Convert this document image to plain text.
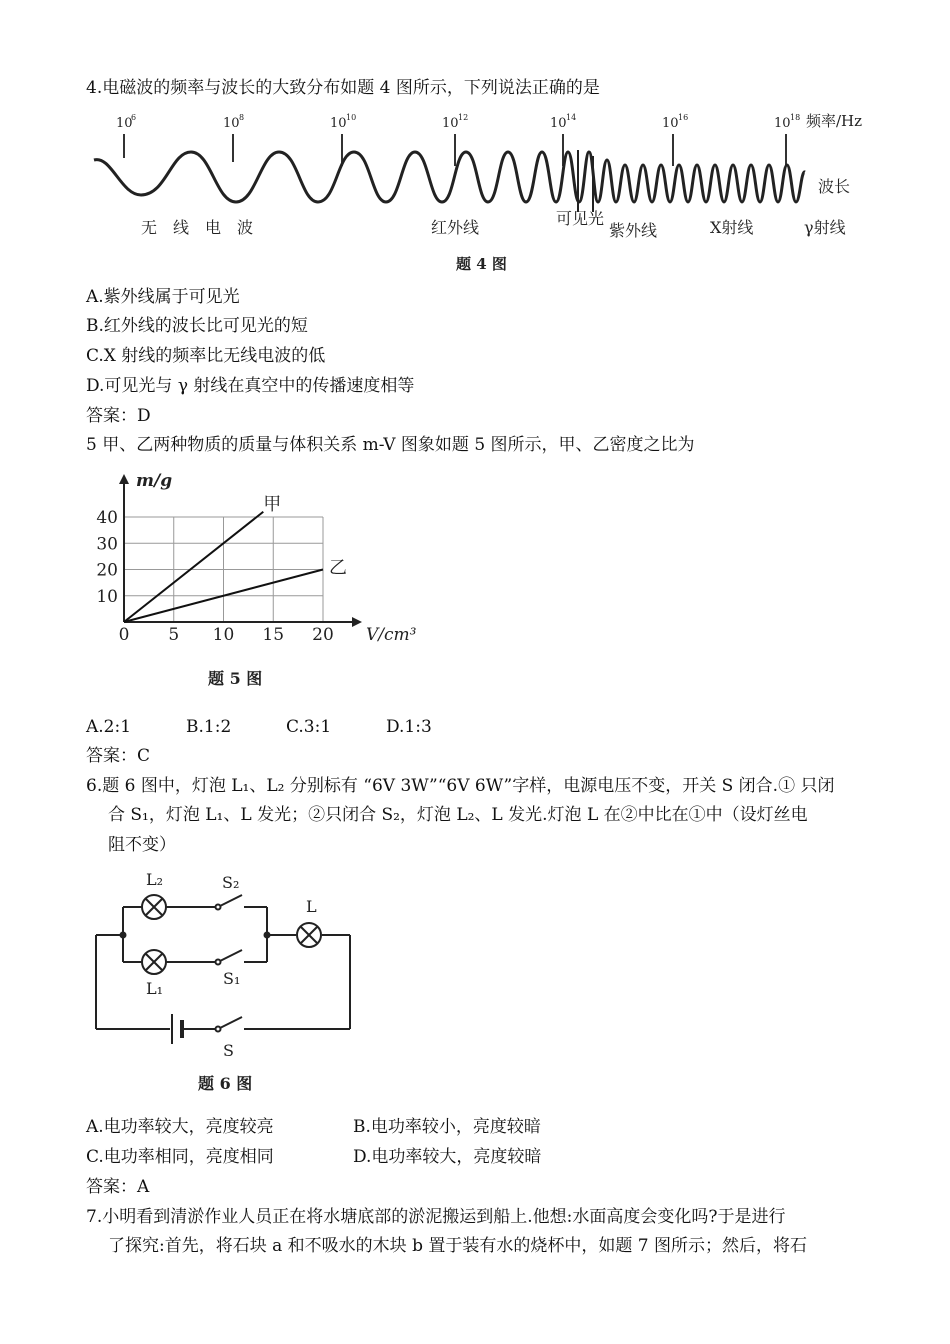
4.电磁波的频率与波长的大致分布如题 4 图所示，下列说法正确的是
10
6	10 8	10 10	10 12	10 14	10 16	10 18 频率/Hz
波长
无　线　电　波	红外线	可见光
紫外线	X射线	γ射线
题 4 图
A.紫外线属于可见光
B.红外线的波长比可见光的短
C.X 射线的频率比无线电波的低
D.可见光与 γ 射线在真空中的传播速度相等
答案：D
5 甲、乙两种物质的质量与体积关系 m-V 图象如题 5 图所示，甲、乙密度之比为
0 5 10 15 20
10
20
30
40
甲
乙
m/g
V/cm³
题 5 图
A.2:1	B.1:2	C.3:1	D.1:3
答案：C
6.题 6 图中，灯泡 L₁、L₂ 分别标有 “6V 3W”“6V 6W”字样，电源电压不变，开关 S 闭合.① 只闭
合 S₁，灯泡 L₁、L 发光；②只闭合 S₂，灯泡 L₂、L 发光.灯泡 L 在②中比在①中（设灯丝电
阻不变）
L₂	S₂
L
L₁
S₁
S
题 6 图
A.电功率较大，亮度较亮	B.电功率较小，亮度较暗
C.电功率相同，亮度相同	D.电功率较大，亮度较暗
答案：A
7.小明看到清淤作业人员正在将水塘底部的淤泥搬运到船上.他想:水面高度会变化吗?于是进行
了探究:首先，将石块 a 和不吸水的木块 b 置于装有水的烧杯中，如题 7 图所示；然后，将石
